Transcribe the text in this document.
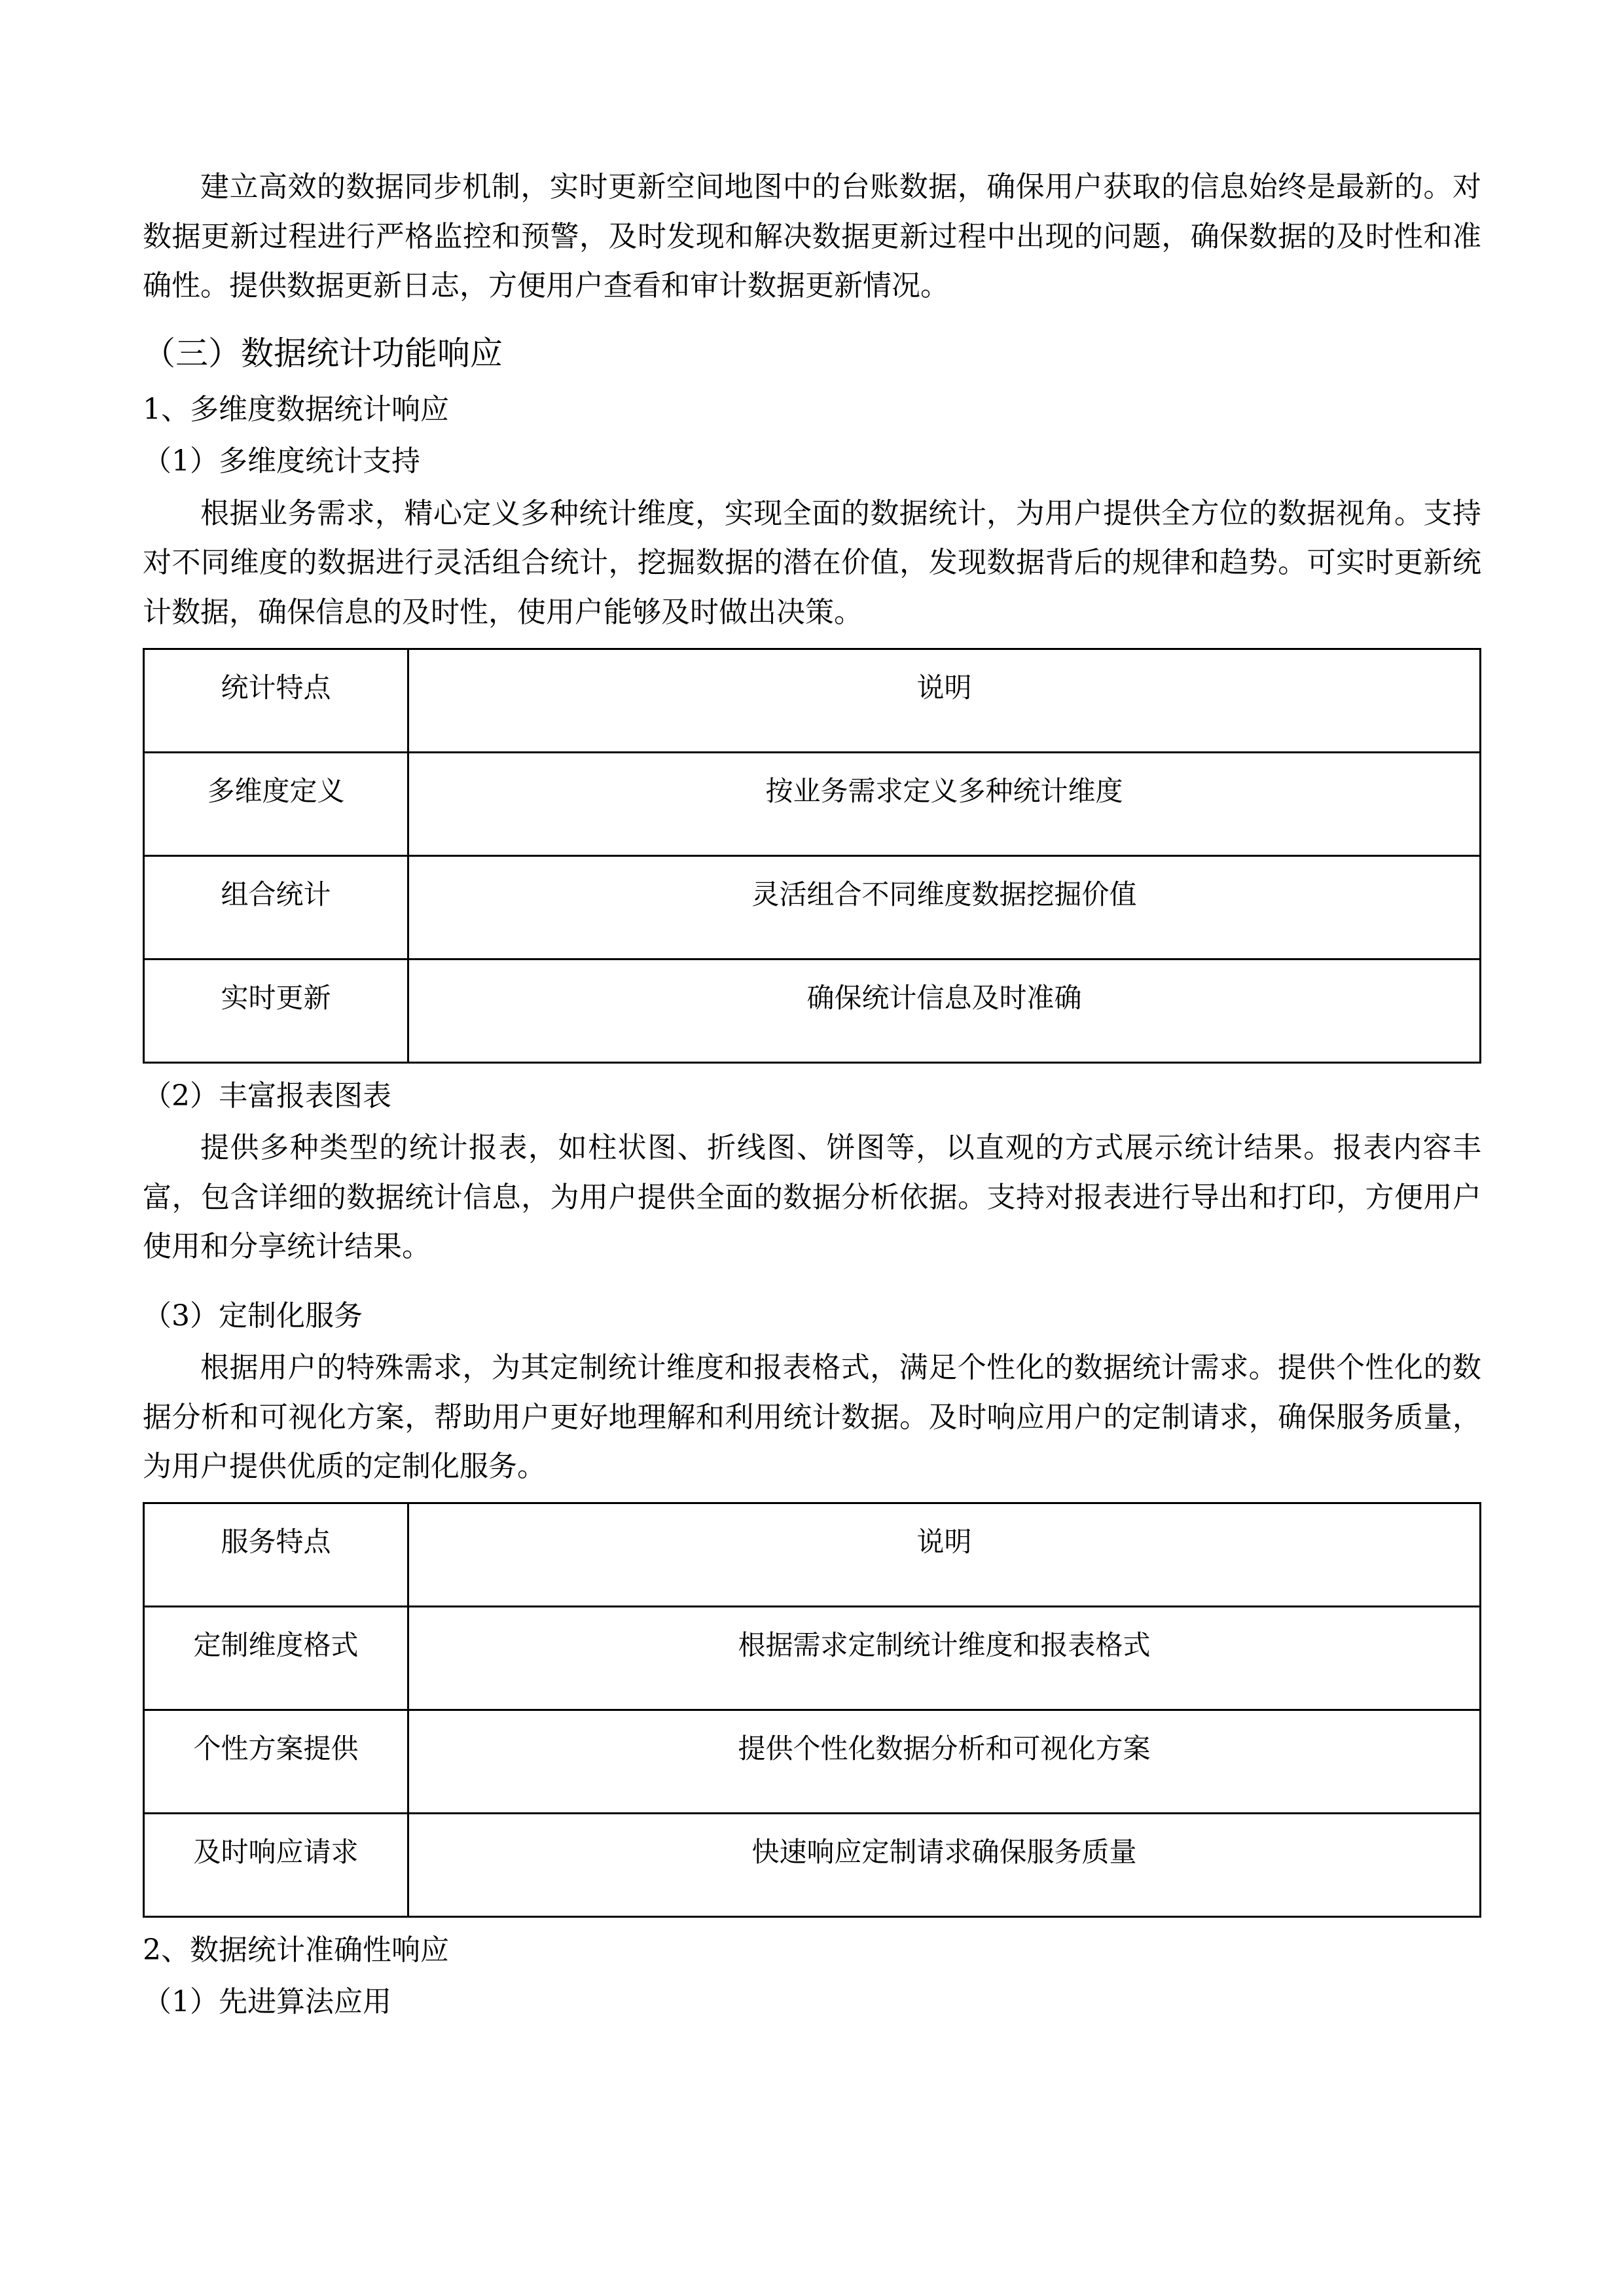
建立高效的数据同步机制，实时更新空间地图中的台账数据，确保用户获取的信息始终是最新的。对数据更新过程进行严格监控和预警，及时发现和解决数据更新过程中出现的问题，确保数据的及时性和准确性。提供数据更新日志，方便用户查看和审计数据更新情况。

（三）数据统计功能响应
1、多维度数据统计响应
（1）多维度统计支持

根据业务需求，精心定义多种统计维度，实现全面的数据统计，为用户提供全方位的数据视角。支持对不同维度的数据进行灵活组合统计，挖掘数据的潜在价值，发现数据背后的规律和趋势。可实时更新统计数据，确保信息的及时性，使用户能够及时做出决策。

统计特点	说明
多维度定义	按业务需求定义多种统计维度
组合统计	灵活组合不同维度数据挖掘价值
实时更新	确保统计信息及时准确
（2）丰富报表图表

提供多种类型的统计报表，如柱状图、折线图、饼图等，以直观的方式展示统计结果。报表内容丰富，包含详细的数据统计信息，为用户提供全面的数据分析依据。支持对报表进行导出和打印，方便用户使用和分享统计结果。

（3）定制化服务

根据用户的特殊需求，为其定制统计维度和报表格式，满足个性化的数据统计需求。提供个性化的数据分析和可视化方案，帮助用户更好地理解和利用统计数据。及时响应用户的定制请求，确保服务质量，为用户提供优质的定制化服务。

服务特点	说明
定制维度格式	根据需求定制统计维度和报表格式
个性方案提供	提供个性化数据分析和可视化方案
及时响应请求	快速响应定制请求确保服务质量
2、数据统计准确性响应
（1）先进算法应用
